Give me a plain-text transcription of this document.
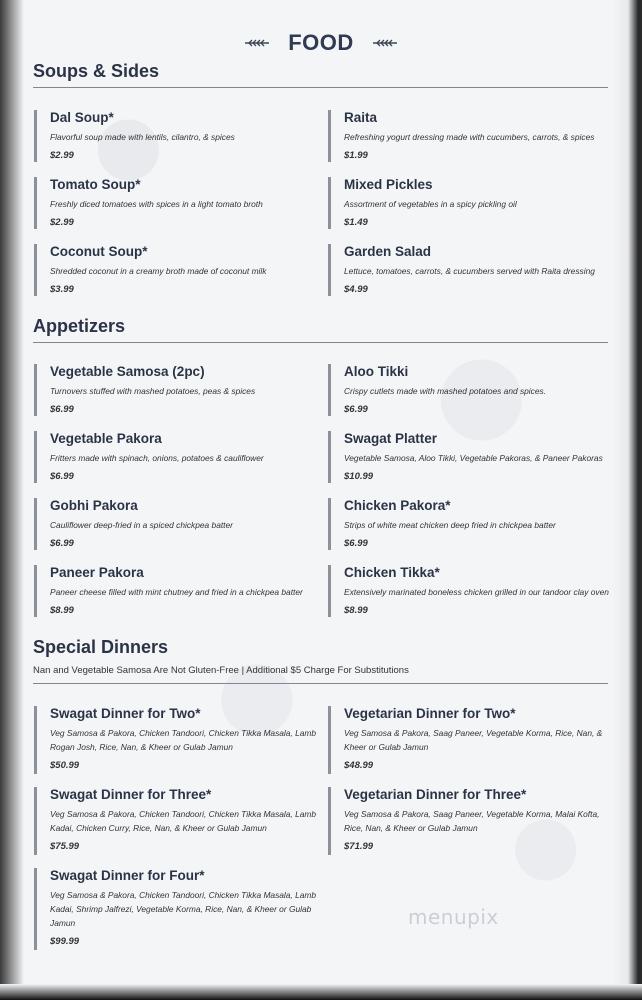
FOOD
Soups & Sides
Dal Soup*
Flavorful soup made with lentils, cilantro, & spices
$2.99
Raita
Refreshing yogurt dressing made with cucumbers, carrots, & spices
$1.99
Tomato Soup*
Freshly diced tomatoes with spices in a light tomato broth
$2.99
Mixed Pickles
Assortment of vegetables in a spicy pickling oil
$1.49
Coconut Soup*
Shredded coconut in a creamy broth made of coconut milk
$3.99
Garden Salad
Lettuce, tomatoes, carrots, & cucumbers served with Raita dressing
$4.99
Appetizers
Vegetable Samosa (2pc)
Turnovers stuffed with mashed potatoes, peas & spices
$6.99
Aloo Tikki
Crispy cutlets made with mashed potatoes and spices.
$6.99
Vegetable Pakora
Fritters made with spinach, onions, potatoes & cauliflower
$6.99
Swagat Platter
Vegetable Samosa, Aloo Tikki, Vegetable Pakoras, & Paneer Pakoras
$10.99
Gobhi Pakora
Cauliflower deep-fried in a spiced chickpea batter
$6.99
Chicken Pakora*
Strips of white meat chicken deep fried in chickpea batter
$6.99
Paneer Pakora
Paneer cheese filled with mint chutney and fried in a chickpea batter
$8.99
Chicken Tikka*
Extensively marinated boneless chicken grilled in our tandoor clay oven
$8.99
Special Dinners
Nan and Vegetable Samosa Are Not Gluten-Free | Additional $5 Charge For Substitutions
Swagat Dinner for Two*
Veg Samosa & Pakora, Chicken Tandoori, Chicken Tikka Masala, Lamb Rogan Josh, Rice, Nan, & Kheer or Gulab Jamun
$50.99
Vegetarian Dinner for Two*
Veg Samosa & Pakora, Saag Paneer, Vegetable Korma, Rice, Nan, & Kheer or Gulab Jamun
$48.99
Swagat Dinner for Three*
Veg Samosa & Pakora, Chicken Tandoori, Chicken Tikka Masala, Lamb Kadai, Chicken Curry, Rice, Nan, & Kheer or Gulab Jamun
$75.99
Vegetarian Dinner for Three*
Veg Samosa & Pakora, Saag Paneer, Vegetable Korma, Malai Kofta, Rice, Nan, & Kheer or Gulab Jamun
$71.99
Swagat Dinner for Four*
Veg Samosa & Pakora, Chicken Tandoori, Chicken Tikka Masala, Lamb Kadai, Shrimp Jalfrezi, Vegetable Korma, Rice, Nan, & Kheer or Gulab Jamun
$99.99
menupix
